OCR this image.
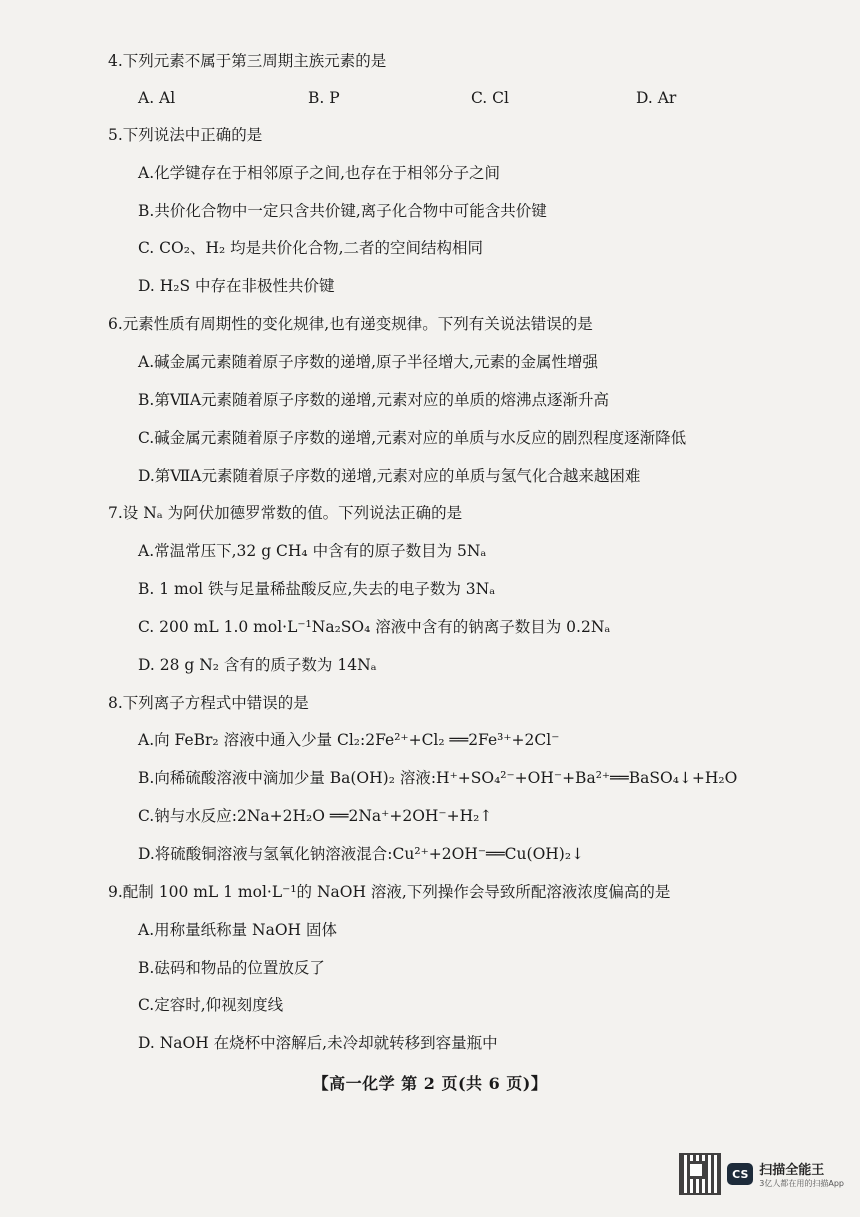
4.下列元素不属于第三周期主族元素的是
A. Al	B. P	C. Cl	D. Ar
5.下列说法中正确的是
A.化学键存在于相邻原子之间,也存在于相邻分子之间
B.共价化合物中一定只含共价键,离子化合物中可能含共价键
C. CO₂、H₂ 均是共价化合物,二者的空间结构相同
D. H₂S 中存在非极性共价键
6.元素性质有周期性的变化规律,也有递变规律。下列有关说法错误的是
A.碱金属元素随着原子序数的递增,原子半径增大,元素的金属性增强
B.第ⅦA元素随着原子序数的递增,元素对应的单质的熔沸点逐渐升高
C.碱金属元素随着原子序数的递增,元素对应的单质与水反应的剧烈程度逐渐降低
D.第ⅦA元素随着原子序数的递增,元素对应的单质与氢气化合越来越困难
7.设 Nₐ 为阿伏加德罗常数的值。下列说法正确的是
A.常温常压下,32 g CH₄ 中含有的原子数目为 5Nₐ
B. 1 mol 铁与足量稀盐酸反应,失去的电子数为 3Nₐ
C. 200 mL 1.0 mol·L⁻¹Na₂SO₄ 溶液中含有的钠离子数目为 0.2Nₐ
D. 28 g N₂ 含有的质子数为 14Nₐ
8.下列离子方程式中错误的是
A.向 FeBr₂ 溶液中通入少量 Cl₂:2Fe²⁺+Cl₂ ══2Fe³⁺+2Cl⁻
B.向稀硫酸溶液中滴加少量 Ba(OH)₂ 溶液:H⁺+SO₄²⁻+OH⁻+Ba²⁺══BaSO₄↓+H₂O
C.钠与水反应:2Na+2H₂O ══2Na⁺+2OH⁻+H₂↑
D.将硫酸铜溶液与氢氧化钠溶液混合:Cu²⁺+2OH⁻══Cu(OH)₂↓
9.配制 100 mL 1 mol·L⁻¹的 NaOH 溶液,下列操作会导致所配溶液浓度偏高的是
A.用称量纸称量 NaOH 固体
B.砝码和物品的位置放反了
C.定容时,仰视刻度线
D. NaOH 在烧杯中溶解后,未冷却就转移到容量瓶中
【高一化学 第 2 页(共 6 页)】
CS 扫描全能王
3亿人都在用的扫描App
